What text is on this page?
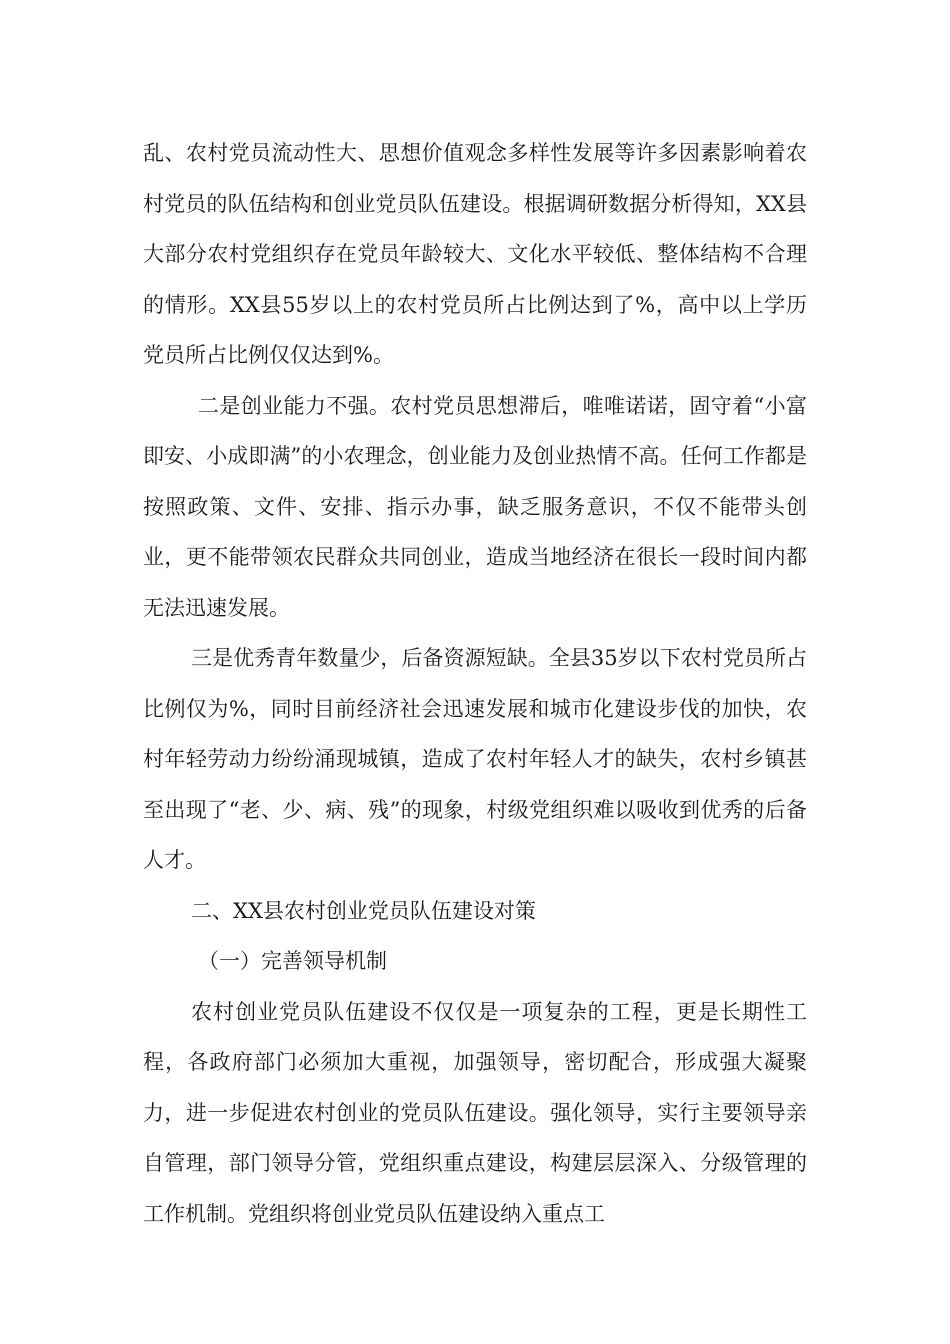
乱、农村党员流动性大、思想价值观念多样性发展等许多因素影响着农村党员的队伍结构和创业党员队伍建设。根据调研数据分析得知，XX县大部分农村党组织存在党员年龄较大、文化水平较低、整体结构不合理的情形。XX县55岁以上的农村党员所占比例达到了%，高中以上学历党员所占比例仅仅达到%。

二是创业能力不强。农村党员思想滞后，唯唯诺诺，固守着“小富即安、小成即满”的小农理念，创业能力及创业热情不高。任何工作都是按照政策、文件、安排、指示办事，缺乏服务意识，不仅不能带头创业，更不能带领农民群众共同创业，造成当地经济在很长一段时间内都无法迅速发展。

三是优秀青年数量少，后备资源短缺。全县35岁以下农村党员所占比例仅为%，同时目前经济社会迅速发展和城市化建设步伐的加快，农村年轻劳动力纷纷涌现城镇，造成了农村年轻人才的缺失，农村乡镇甚至出现了“老、少、病、残”的现象，村级党组织难以吸收到优秀的后备人才。

二、XX县农村创业党员队伍建设对策

（一）完善领导机制

农村创业党员队伍建设不仅仅是一项复杂的工程，更是长期性工程，各政府部门必须加大重视，加强领导，密切配合，形成强大凝聚力，进一步促进农村创业的党员队伍建设。强化领导，实行主要领导亲自管理，部门领导分管，党组织重点建设，构建层层深入、分级管理的工作机制。党组织将创业党员队伍建设纳入重点工
